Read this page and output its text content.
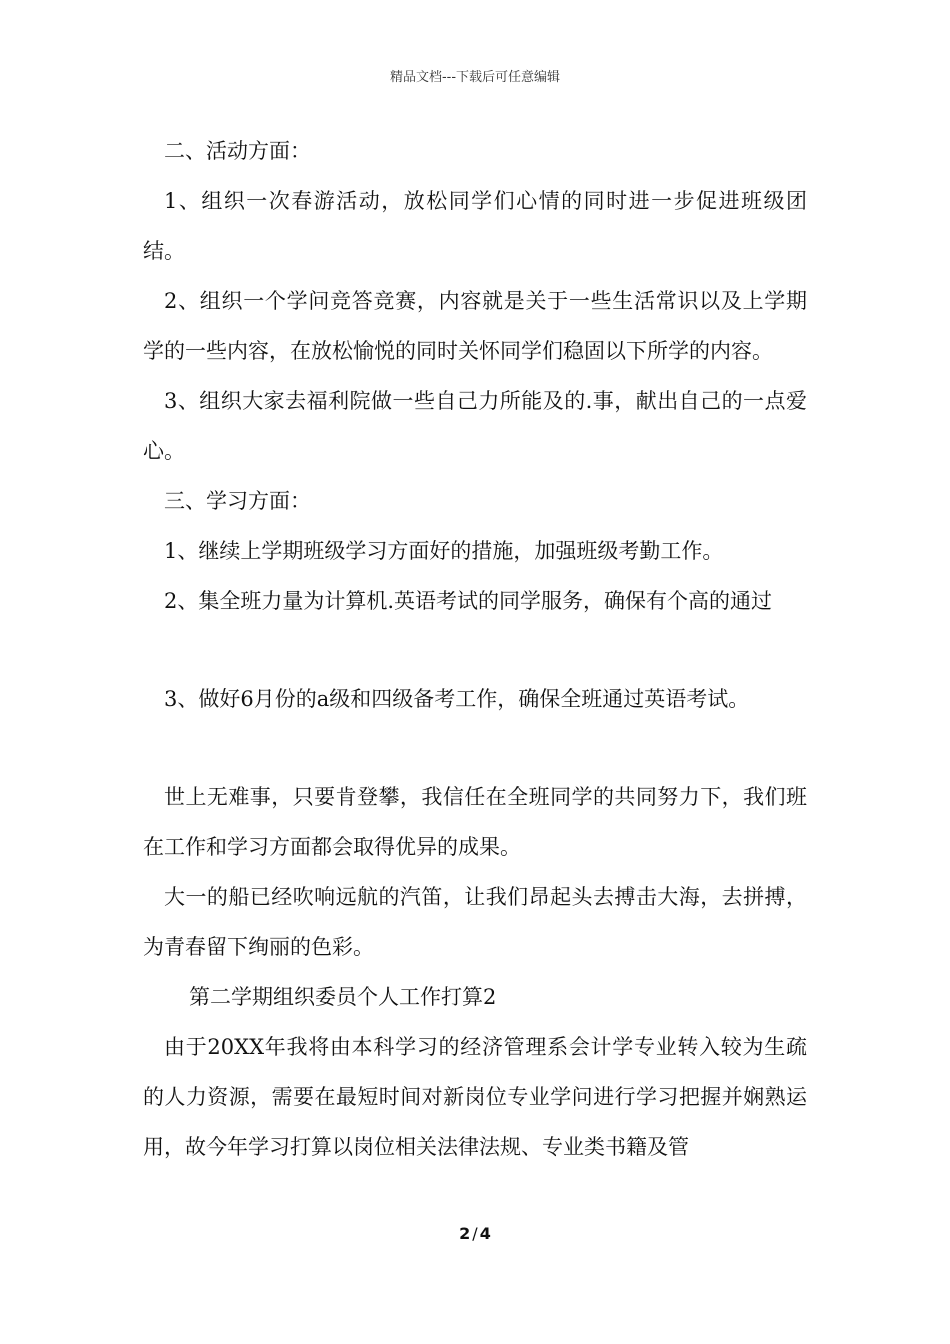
精品文档---下载后可任意编辑

二、活动方面：

1、组织一次春游活动，放松同学们心情的同时进一步促进班级团结。

2、组织一个学问竞答竞赛，内容就是关于一些生活常识以及上学期学的一些内容，在放松愉悦的同时关怀同学们稳固以下所学的内容。

3、组织大家去福利院做一些自己力所能及的.事，献出自己的一点爱心。

三、学习方面：

1、继续上学期班级学习方面好的措施，加强班级考勤工作。

2、集全班力量为计算机.英语考试的同学服务，确保有个高的通过

3、做好6月份的a级和四级备考工作，确保全班通过英语考试。

世上无难事，只要肯登攀，我信任在全班同学的共同努力下，我们班在工作和学习方面都会取得优异的成果。

大一的船已经吹响远航的汽笛，让我们昂起头去搏击大海，去拼搏，为青春留下绚丽的色彩。

第二学期组织委员个人工作打算2

由于20XX年我将由本科学习的经济管理系会计学专业转入较为生疏的人力资源，需要在最短时间对新岗位专业学问进行学习把握并娴熟运用，故今年学习打算以岗位相关法律法规、专业类书籍及管

2 / 4
